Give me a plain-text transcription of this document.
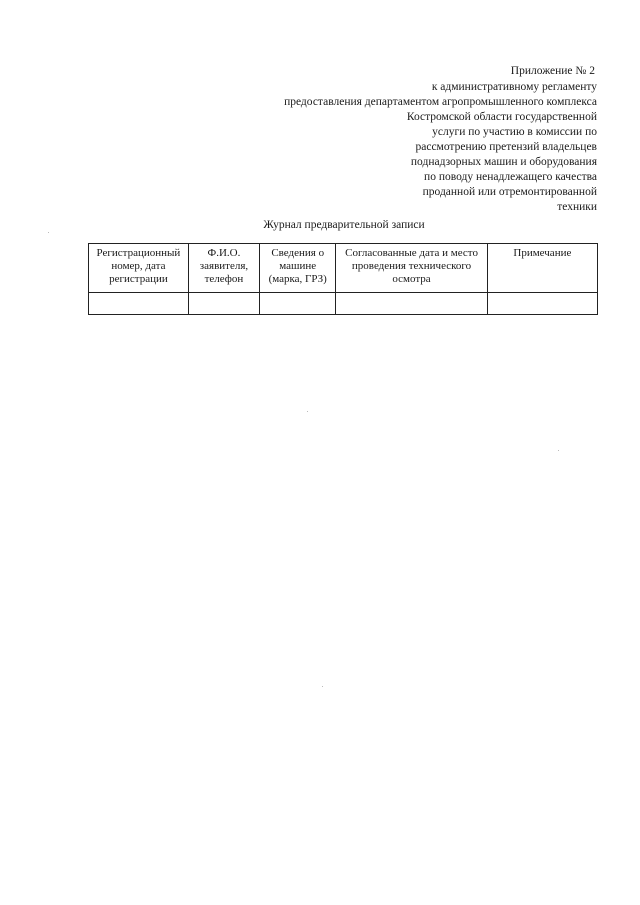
Приложение № 2
к административному регламенту
предоставления департаментом агропромышленного комплекса
Костромской области государственной
услуги по участию в комиссии по
рассмотрению претензий владельцев
поднадзорных машин и оборудования
по поводу ненадлежащего качества
проданной или отремонтированной
техники
Журнал предварительной записи
Регистрационный номер, дата регистрации	Ф.И.О. заявителя, телефон	Сведения о машине (марка, ГРЗ)	Согласованные дата и место проведения технического осмотра	Примечание
